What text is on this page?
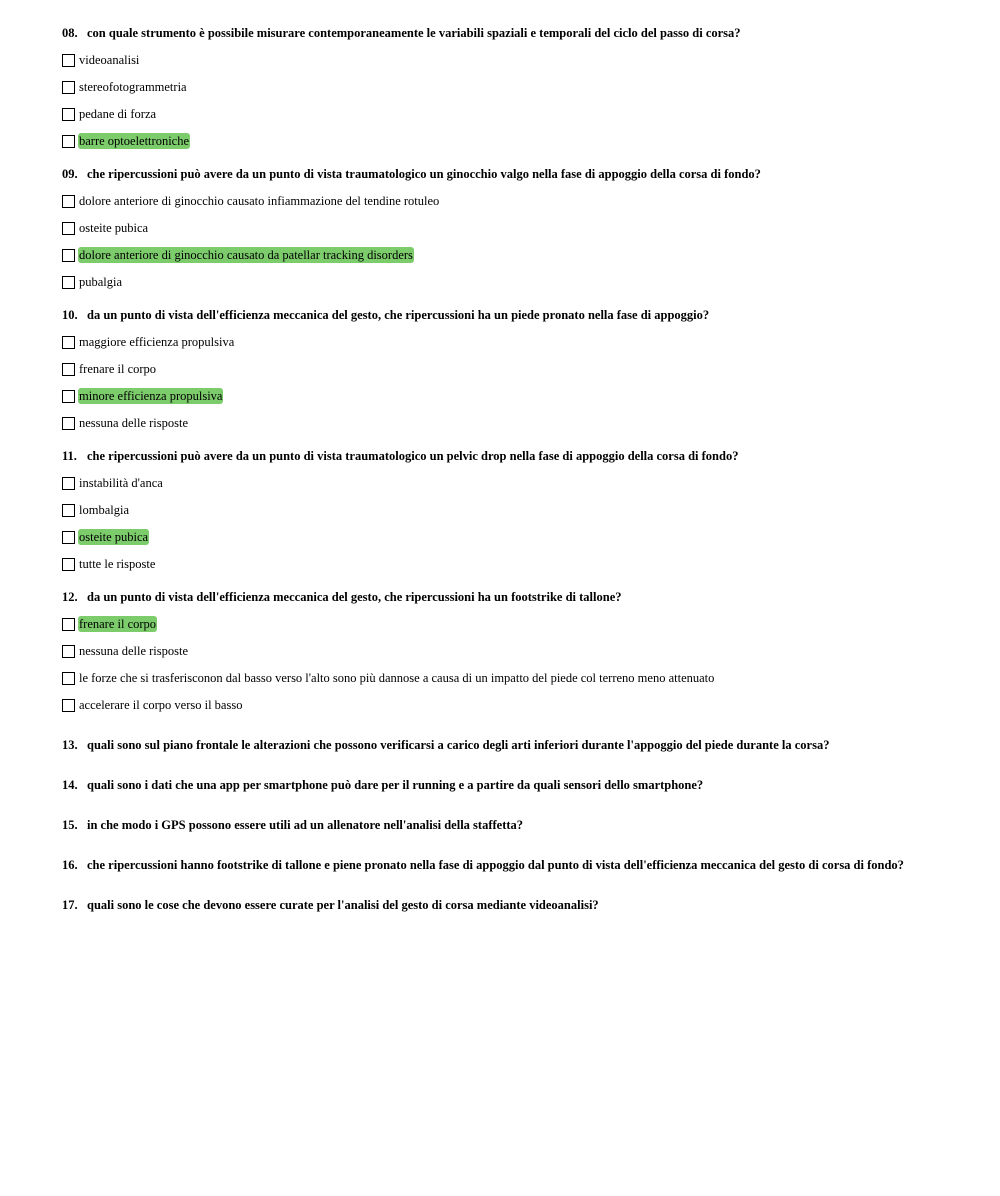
08. con quale strumento è possibile misurare contemporaneamente le variabili spaziali e temporali del ciclo del passo di corsa?
videoanalisi
stereofotogrammetria
pedane di forza
barre optoelettroniche
09. che ripercussioni può avere da un punto di vista traumatologico un ginocchio valgo nella fase di appoggio della corsa di fondo?
dolore anteriore di ginocchio causato infiammazione del tendine rotuleo
osteite pubica
dolore anteriore di ginocchio causato da patellar tracking disorders
pubalgia
10. da un punto di vista dell'efficienza meccanica del gesto, che ripercussioni ha un piede pronato nella fase di appoggio?
maggiore efficienza propulsiva
frenare il corpo
minore efficienza propulsiva
nessuna delle risposte
11. che ripercussioni può avere da un punto di vista traumatologico un pelvic drop nella fase di appoggio della corsa di fondo?
instabilità d'anca
lombalgia
osteite pubica
tutte le risposte
12. da un punto di vista dell'efficienza meccanica del gesto, che ripercussioni ha un footstrike di tallone?
frenare il corpo
nessuna delle risposte
le forze che si trasferisconon dal basso verso l'alto sono più dannose a causa di un impatto del piede col terreno meno attenuato
accelerare il corpo verso il basso
13. quali sono sul piano frontale le alterazioni che possono verificarsi a carico degli arti inferiori durante l'appoggio del piede durante la corsa?
14. quali sono i dati che una app per smartphone può dare per il running e a partire da quali sensori dello smartphone?
15. in che modo i GPS possono essere utili ad un allenatore nell'analisi della staffetta?
16. che ripercussioni hanno footstrike di tallone e piene pronato nella fase di appoggio dal punto di vista dell'efficienza meccanica del gesto di corsa di fondo?
17. quali sono le cose che devono essere curate per l'analisi del gesto di corsa mediante videoanalisi?
